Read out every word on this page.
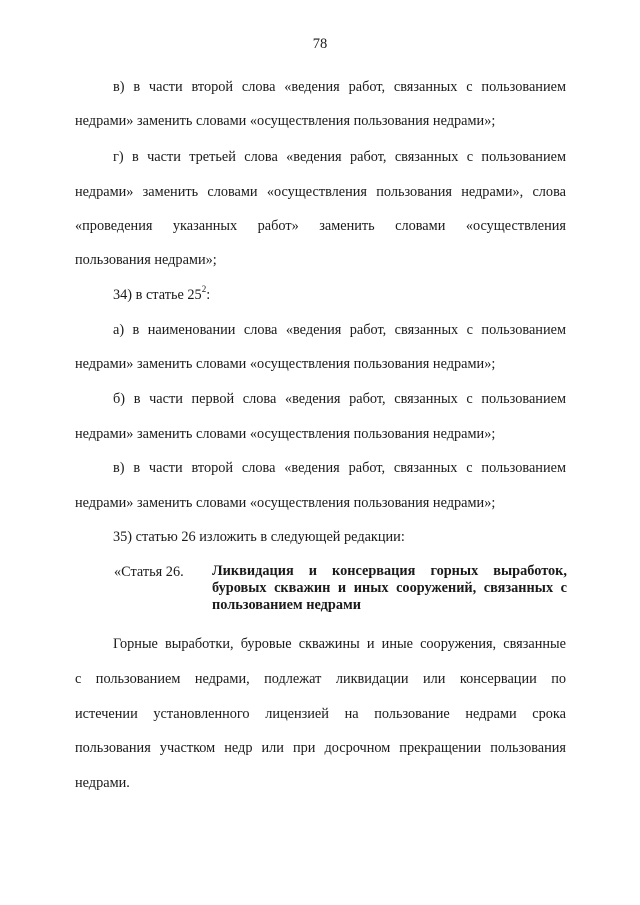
78
в) в части второй слова «ведения работ, связанных с пользованием
недрами» заменить словами «осуществления пользования недрами»;
г) в части третьей слова «ведения работ, связанных с пользованием
недрами» заменить словами «осуществления пользования недрами», слова
«проведения указанных работ» заменить словами «осуществления
пользования недрами»;
34) в статье $25^2$:
а) в наименовании слова «ведения работ, связанных с пользованием
недрами» заменить словами «осуществления пользования недрами»;
б) в части первой слова «ведения работ, связанных с пользованием
недрами» заменить словами «осуществления пользования недрами»;
в) в части второй слова «ведения работ, связанных с пользованием
недрами» заменить словами «осуществления пользования недрами»;
35) статью 26 изложить в следующей редакции:
«Статья 26. Ликвидация и консервация горных выработок,
буровых скважин и иных сооружений, связанных с
пользованием недрами
Горные выработки, буровые скважины и иные сооружения, связанные
с пользованием недрами, подлежат ликвидации или консервации по
истечении установленного лицензией на пользование недрами срока
пользования участком недр или при досрочном прекращении пользования
недрами.
